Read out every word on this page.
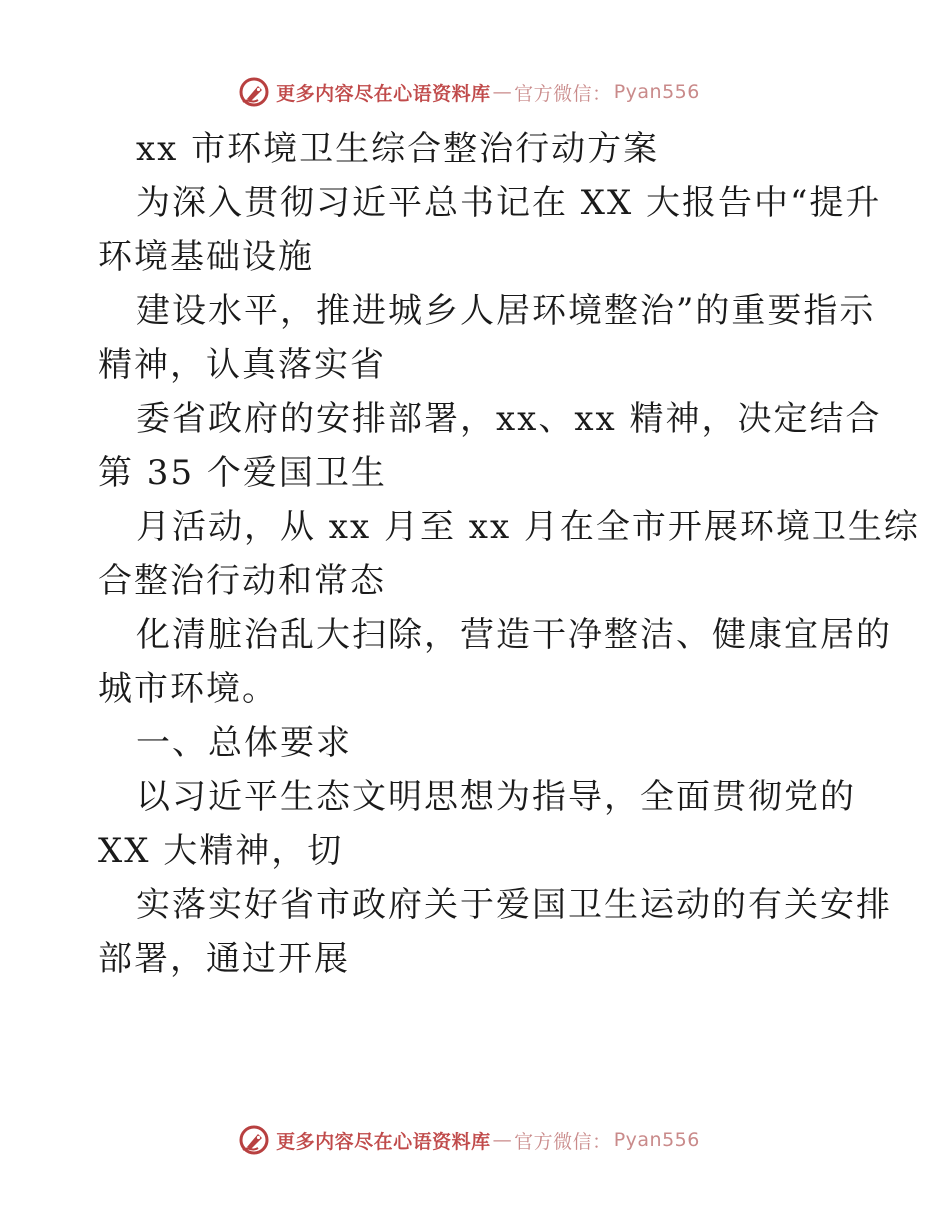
更多内容尽在心语资料库 — 官方微信： Pyan556

xx 市环境卫生综合整治行动方案

为深入贯彻习近平总书记在 XX 大报告中“提升

环境基础设施

建设水平，推进城乡人居环境整治”的重要指示

精神，认真落实省

委省政府的安排部署，xx、xx 精神，决定结合

第 35 个爱国卫生

月活动，从 xx 月至 xx 月在全市开展环境卫生综

合整治行动和常态

化清脏治乱大扫除，营造干净整洁、健康宜居的

城市环境。

一、总体要求

以习近平生态文明思想为指导，全面贯彻党的

XX 大精神，切

实落实好省市政府关于爱国卫生运动的有关安排

部署，通过开展

更多内容尽在心语资料库 — 官方微信： Pyan556
